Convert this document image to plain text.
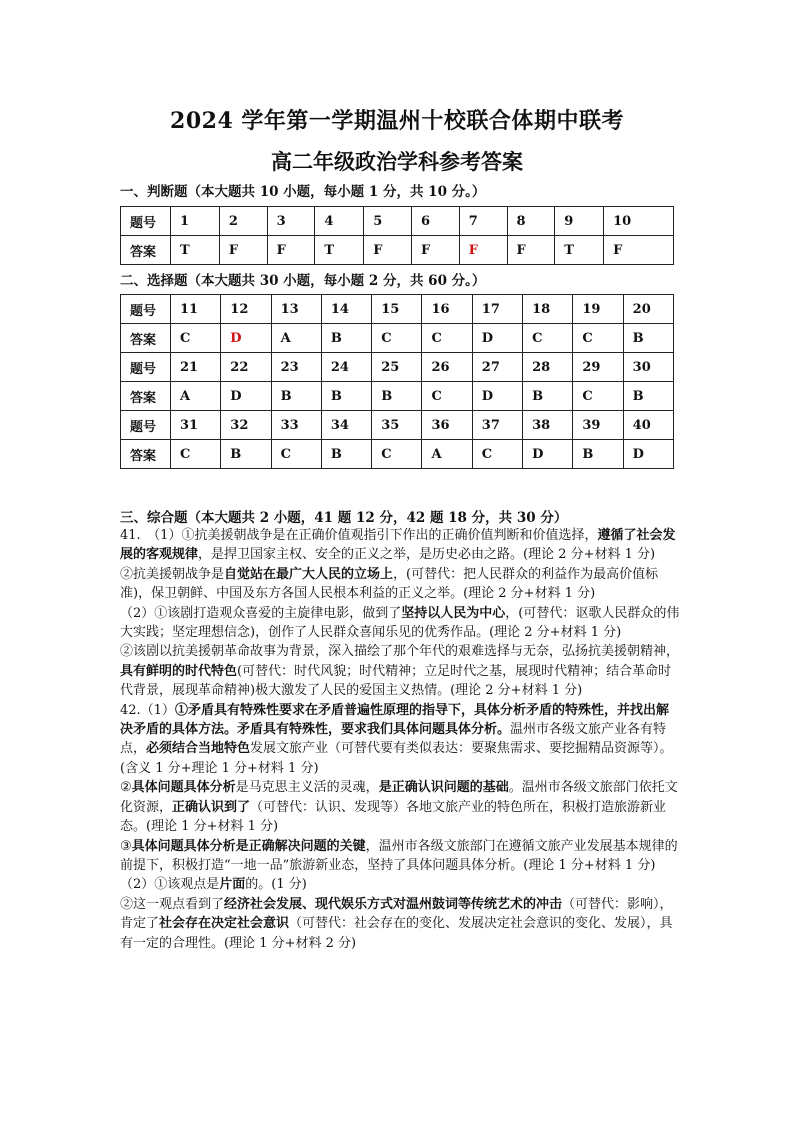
2024 学年第一学期温州十校联合体期中联考
高二年级政治学科参考答案
一、判断题（本大题共 10 小题，每小题 1 分，共 10 分。）
题号	1	2	3	4	5	6	7	8	9	10
答案	T	F	F	T	F	F	F	F	T	F
二、选择题（本大题共 30 小题，每小题 2 分，共 60 分。）
题号	11	12	13	14	15	16	17	18	19	20
答案	C	D	A	B	C	C	D	C	C	B
题号	21	22	23	24	25	26	27	28	29	30
答案	A	D	B	B	B	C	D	B	C	B
题号	31	32	33	34	35	36	37	38	39	40
答案	C	B	C	B	C	A	C	D	B	D
三、综合题（本大题共 2 小题，41 题 12 分，42 题 18 分，共 30 分）

41.　（1）①抗美援朝战争是在正确价值观指引下作出的正确价值判断和价值选择，遵循了社会发展的客观规律，是捍卫国家主权、安全的正义之举，是历史必由之路。(理论 2 分+材料 1 分)

②抗美援朝战争是自觉站在最广大人民的立场上，(可替代：把人民群众的利益作为最高价值标准)，保卫朝鲜、中国及东方各国人民根本利益的正义之举。(理论 2 分+材料 1 分)

（2）①该剧打造观众喜爱的主旋律电影，做到了坚持以人民为中心，(可替代：讴歌人民群众的伟大实践；坚定理想信念)，创作了人民群众喜闻乐见的优秀作品。(理论 2 分+材料 1 分)

②该剧以抗美援朝革命故事为背景，深入描绘了那个年代的艰难选择与无奈，弘扬抗美援朝精神，具有鲜明的时代特色(可替代：时代风貌；时代精神；立足时代之基，展现时代精神；结合革命时代背景，展现革命精神)极大激发了人民的爱国主义热情。(理论 2 分+材料 1 分)

42.（1）①矛盾具有特殊性要求在矛盾普遍性原理的指导下，具体分析矛盾的特殊性，并找出解决矛盾的具体方法。矛盾具有特殊性，要求我们具体问题具体分析。温州市各级文旅产业各有特点，必须结合当地特色发展文旅产业（可替代要有类似表达：要聚焦需求、要挖掘精品资源等）。　　(含义 1 分+理论 1 分+材料 1 分)

②具体问题具体分析是马克思主义活的灵魂，是正确认识问题的基础。温州市各级文旅部门依托文化资源，正确认识到了（可替代：认识、发现等）各地文旅产业的特色所在，积极打造旅游新业态。(理论 1 分+材料 1 分)

③具体问题具体分析是正确解决问题的关键，温州市各级文旅部门在遵循文旅产业发展基本规律的前提下，积极打造“一地一品”旅游新业态，坚持了具体问题具体分析。(理论 1 分+材料 1 分)

（2）①该观点是片面的。(1 分)

②这一观点看到了经济社会发展、现代娱乐方式对温州鼓词等传统艺术的冲击（可替代：影响），肯定了社会存在决定社会意识（可替代：社会存在的变化、发展决定社会意识的变化、发展），具有一定的合理性。(理论 1 分+材料 2 分)
